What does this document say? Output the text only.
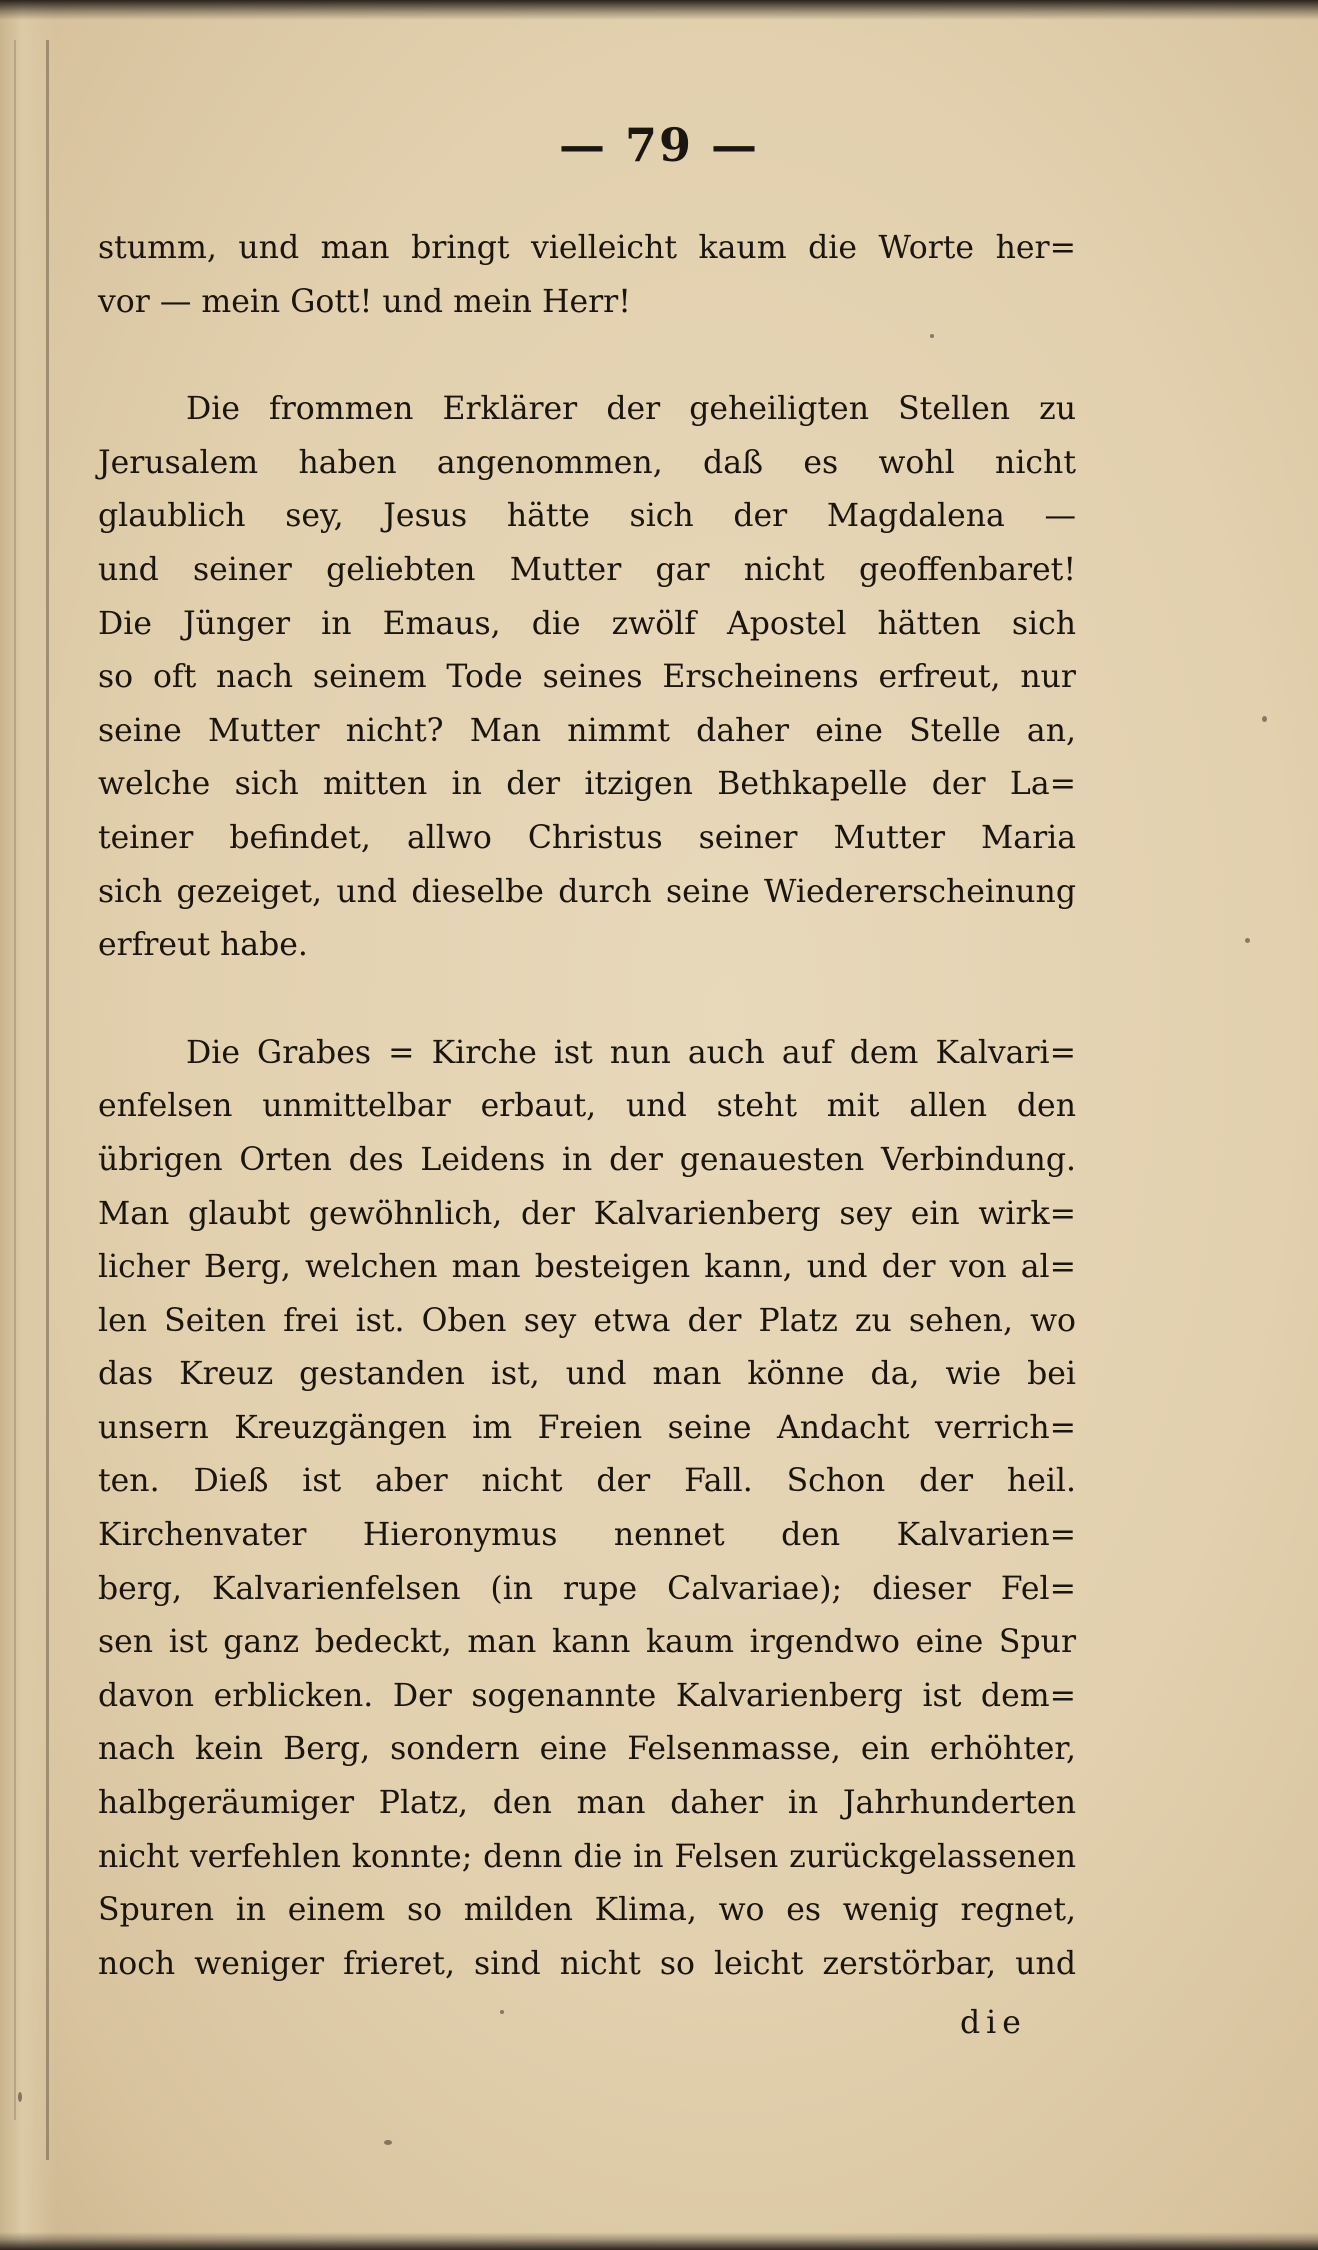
— 79 —
stumm, und man bringt vielleicht kaum die Worte her=
vor — mein Gott! und mein Herr!
Die frommen Erklärer der geheiligten Stellen zu
Jerusalem haben angenommen, daß es wohl nicht
glaublich sey, Jesus hätte sich der Magdalena —
und seiner geliebten Mutter gar nicht geoffenbaret!
Die Jünger in Emaus, die zwölf Apostel hätten sich
so oft nach seinem Tode seines Erscheinens erfreut, nur
seine Mutter nicht? Man nimmt daher eine Stelle an,
welche sich mitten in der itzigen Bethkapelle der La=
teiner befindet, allwo Christus seiner Mutter Maria
sich gezeiget, und dieselbe durch seine Wiedererscheinung
erfreut habe.
Die Grabes = Kirche ist nun auch auf dem Kalvari=
enfelsen unmittelbar erbaut, und steht mit allen den
übrigen Orten des Leidens in der genauesten Verbindung.
Man glaubt gewöhnlich, der Kalvarienberg sey ein wirk=
licher Berg, welchen man besteigen kann, und der von al=
len Seiten frei ist. Oben sey etwa der Platz zu sehen, wo
das Kreuz gestanden ist, und man könne da, wie bei
unsern Kreuzgängen im Freien seine Andacht verrich=
ten. Dieß ist aber nicht der Fall. Schon der heil.
Kirchenvater Hieronymus nennet den Kalvarien=
berg, Kalvarienfelsen (in rupe Calvariae); dieser Fel=
sen ist ganz bedeckt, man kann kaum irgendwo eine Spur
davon erblicken. Der sogenannte Kalvarienberg ist dem=
nach kein Berg, sondern eine Felsenmasse, ein erhöhter,
halbgeräumiger Platz, den man daher in Jahrhunderten
nicht verfehlen konnte; denn die in Felsen zurückgelassenen
Spuren in einem so milden Klima, wo es wenig regnet,
noch weniger frieret, sind nicht so leicht zerstörbar, und
die
